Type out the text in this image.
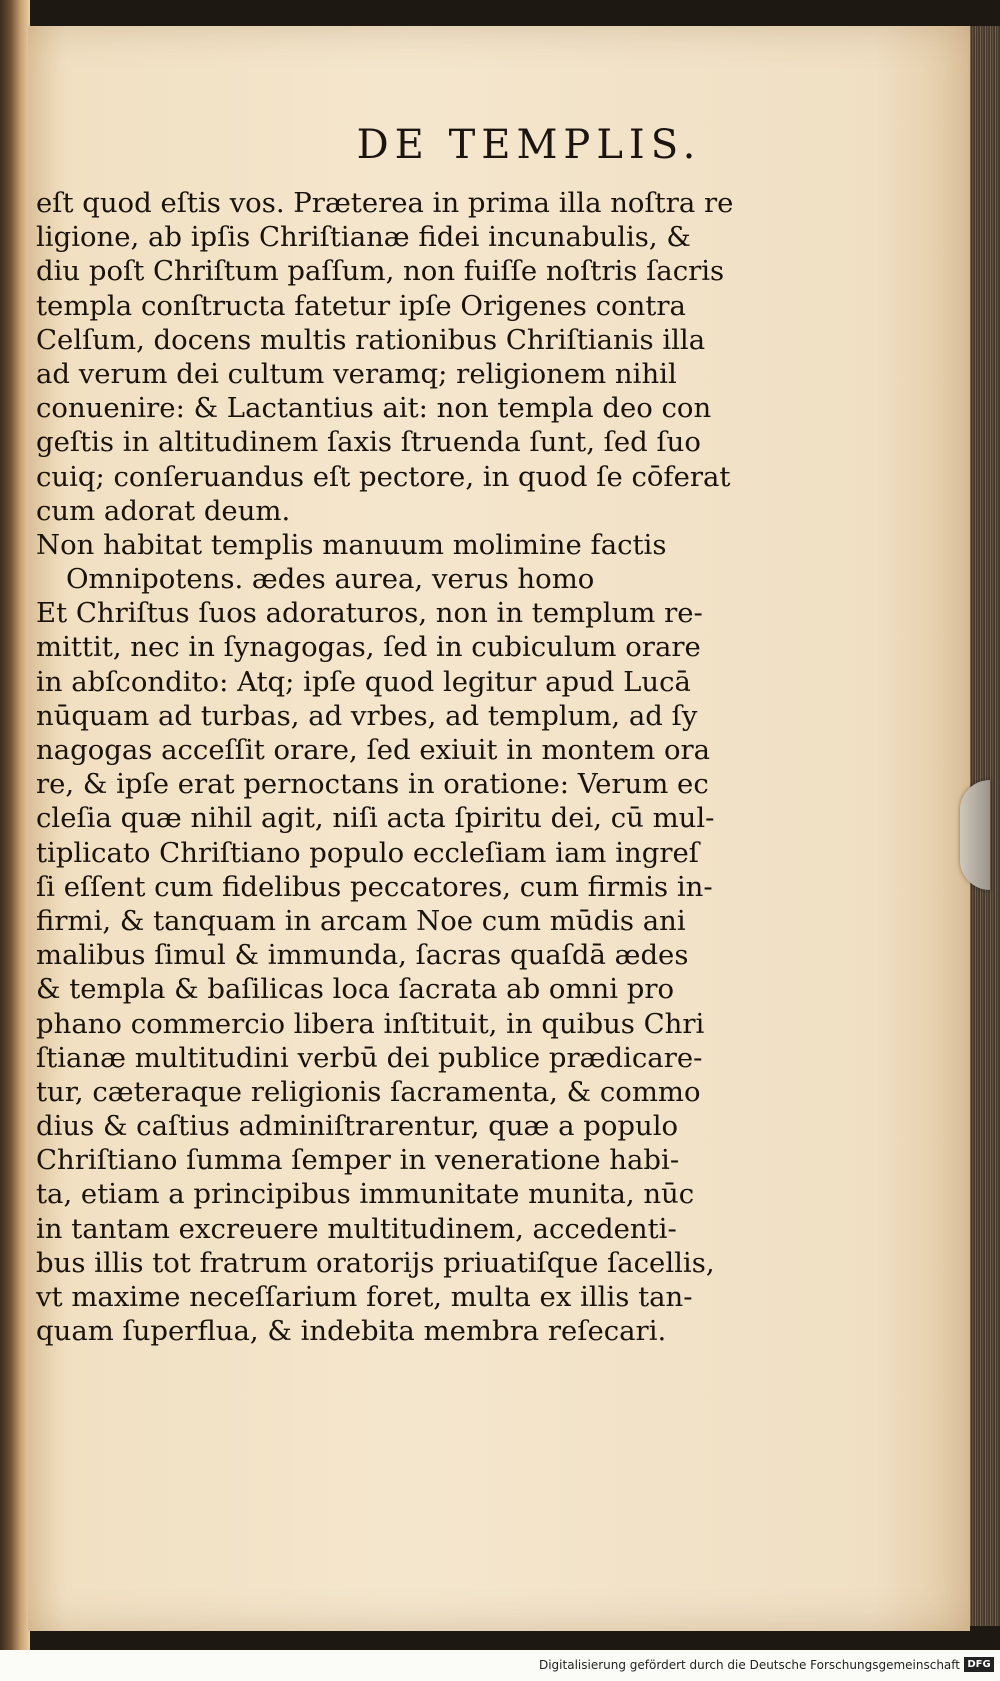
DE TEMPLIS.
eſt quod eſtis vos. Præterea in prima illa noſtra re
ligione, ab ipſis Chriſtianæ fidei incunabulis, &
diu poſt Chriſtum paſſum, non fuiſſe noſtris ſacris
templa conſtructa fatetur ipſe Origenes contra
Celſum, docens multis rationibus Chriſtianis illa
ad verum dei cultum veramq; religionem nihil
conuenire: & Lactantius ait: non templa deo con
geſtis in altitudinem ſaxis ſtruenda ſunt, ſed ſuo
cuiq; conſeruandus eſt pectore, in quod ſe cōferat
cum adorat deum.
Non habitat templis manuum molimine factis
Omnipotens. ædes aurea, verus homo
Et Chriſtus ſuos adoraturos, non in templum re-
mittit, nec in ſynagogas, ſed in cubiculum orare
in abſcondito: Atq; ipſe quod legitur apud Lucā
nūquam ad turbas, ad vrbes, ad templum, ad ſy
nagogas acceſſit orare, ſed exiuit in montem ora
re, & ipſe erat pernoctans in oratione: Verum ec
cleſia quæ nihil agit, niſi acta ſpiritu dei, cū mul-
tiplicato Chriſtiano populo eccleſiam iam ingreſ
ſi eſſent cum fidelibus peccatores, cum firmis in-
firmi, & tanquam in arcam Noe cum mūdis ani
malibus ſimul & immunda, ſacras quaſdā ædes
& templa & baſilicas loca ſacrata ab omni pro
phano commercio libera inſtituit, in quibus Chri
ſtianæ multitudini verbū dei publice prædicare-
tur, cæteraque religionis ſacramenta, & commo
dius & caſtius adminiſtrarentur, quæ a populo
Chriſtiano ſumma ſemper in veneratione habi-
ta, etiam a principibus immunitate munita, nūc
in tantam excreuere multitudinem, accedenti-
bus illis tot fratrum oratorijs priuatiſque ſacellis,
vt maxime neceſſarium foret, multa ex illis tan-
quam ſuperflua, & indebita membra reſecari.
Digitalisierung gefördert durch die Deutsche Forschungsgemeinschaft DFG
